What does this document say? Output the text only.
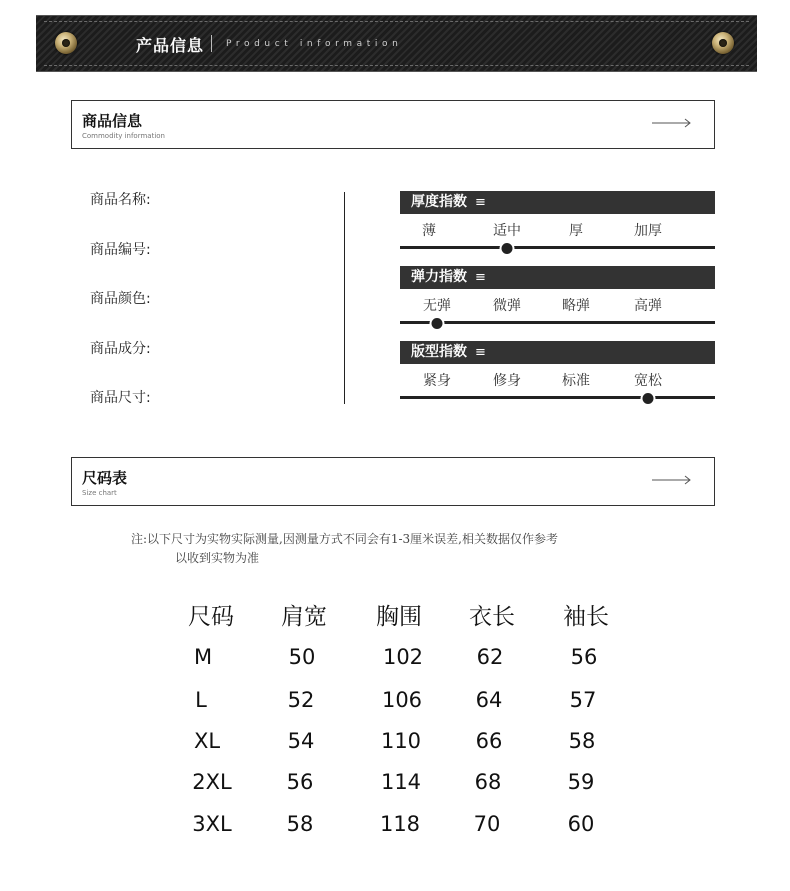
产品信息 Product information
商品信息
Commodity information
商品名称:
商品编号:
商品颜色:
商品成分:
商品尺寸:
厚度指数 ≡
薄	适中	厚	加厚
弹力指数 ≡
无弹	微弹	略弹	高弹
版型指数 ≡
紧身	修身	标准	宽松
尺码表
Size chart
注:以下尺寸为实物实际测量,因测量方式不同会有1-3厘米误差,相关数据仅作参考
以收到实物为准
尺码 肩宽 胸围 衣长 袖长
M	50	102	62	56
L	52	106	64	57
XL	54	110	66	58
2XL	56	114	68	59
3XL	58	118	70	60
